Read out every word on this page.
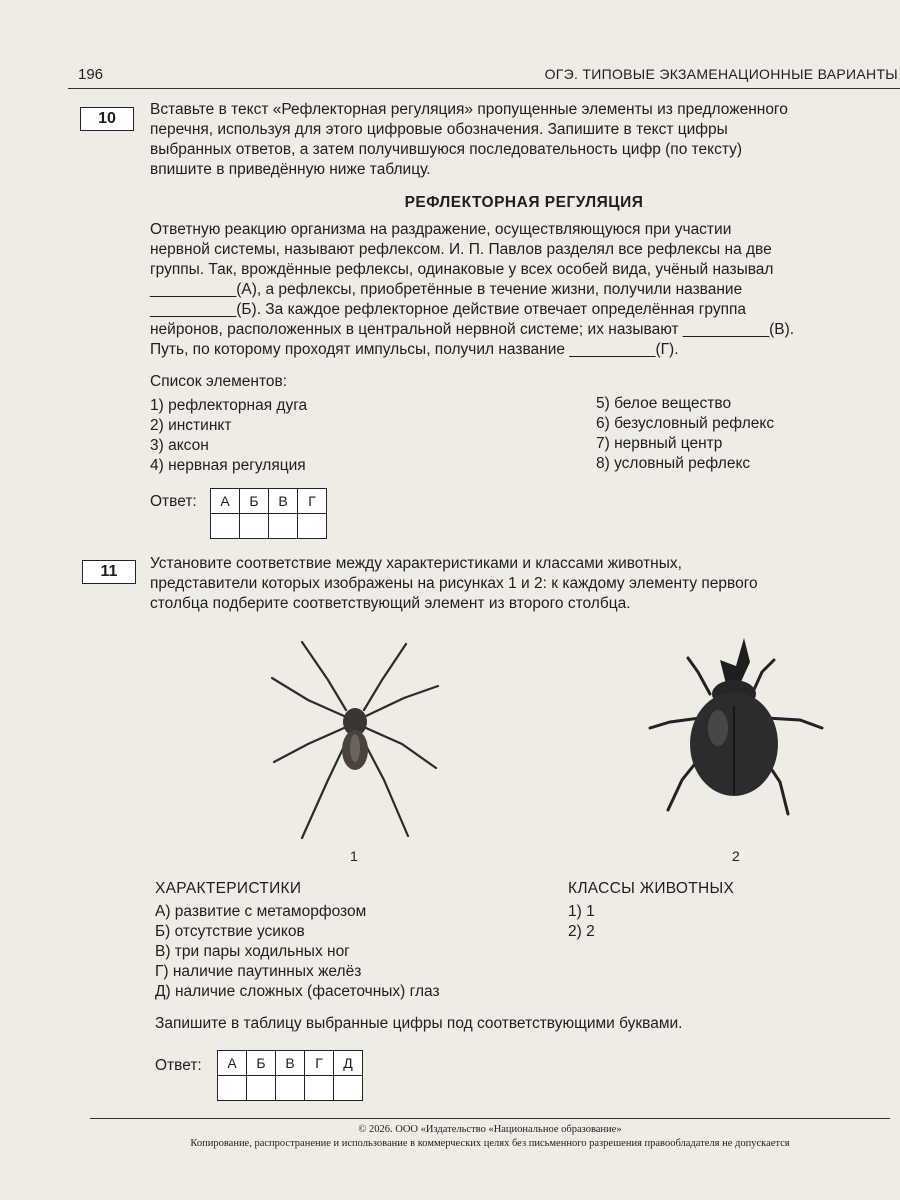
196	ОГЭ. ТИПОВЫЕ ЭКЗАМЕНАЦИОННЫЕ ВАРИАНТЫ
10
Вставьте в текст «Рефлекторная регуляция» пропущенные элементы из предложенного
перечня, используя для этого цифровые обозначения. Запишите в текст цифры
выбранных ответов, а затем получившуюся последовательность цифр (по тексту)
впишите в приведённую ниже таблицу.
РЕФЛЕКТОРНАЯ РЕГУЛЯЦИЯ
Ответную реакцию организма на раздражение, осуществляющуюся при участии
нервной системы, называют рефлексом. И. П. Павлов разделял все рефлексы на две
группы. Так, врождённые рефлексы, одинаковые у всех особей вида, учёный называл
__________(А), а рефлексы, приобретённые в течение жизни, получили название
__________(Б). За каждое рефлекторное действие отвечает определённая группа
нейронов, расположенных в центральной нервной системе; их называют __________(В).
Путь, по которому проходят импульсы, получил название __________(Г).
Список элементов:
1) рефлекторная дуга
2) инстинкт
3) аксон
4) нервная регуляция
5) белое вещество
6) безусловный рефлекс
7) нервный центр
8) условный рефлекс
Ответ: А	Б	В	Г

11	Установите соответствие между характеристиками и классами животных,
представители которых изображены на рисунках 1 и 2: к каждому элементу первого
столбца подберите соответствующий элемент из второго столбца.
1	2
ХАРАКТЕРИСТИКИ
А) развитие с метаморфозом
Б) отсутствие усиков
В) три пары ходильных ног
Г) наличие паутинных желёз
Д) наличие сложных (фасеточных) глаз
КЛАССЫ ЖИВОТНЫХ
1) 1
2) 2
Запишите в таблицу выбранные цифры под соответствующими буквами.
Ответ: А	Б	В	Г	Д

© 2026. ООО «Издательство «Национальное образование»
Копирование, распространение и использование в коммерческих целях без письменного разрешения правообладателя не допускается
